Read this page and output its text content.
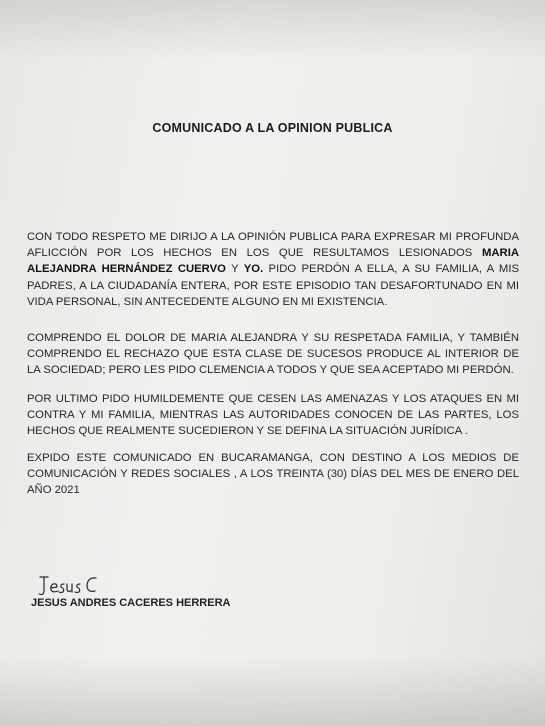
COMUNICADO A LA OPINION PUBLICA

CON TODO RESPETO ME DIRIJO A LA OPINIÓN PUBLICA PARA EXPRESAR MI PROFUNDA AFLICCIÓN POR LOS HECHOS EN LOS QUE RESULTAMOS LESIONADOS MARIA ALEJANDRA HERNÁNDEZ CUERVO Y YO. PIDO PERDÓN A ELLA, A SU FAMILIA, A MIS PADRES, A LA CIUDADANÍA ENTERA, POR ESTE EPISODIO TAN DESAFORTUNADO EN MI VIDA PERSONAL, SIN ANTECEDENTE ALGUNO EN MI EXISTENCIA.

COMPRENDO EL DOLOR DE MARIA ALEJANDRA Y SU RESPETADA FAMILIA, Y TAMBIÉN COMPRENDO EL RECHAZO QUE ESTA CLASE DE SUCESOS PRODUCE AL INTERIOR DE LA SOCIEDAD; PERO LES PIDO CLEMENCIA A TODOS Y QUE SEA ACEPTADO MI PERDÓN.

POR ULTIMO PIDO HUMILDEMENTE QUE CESEN LAS AMENAZAS Y LOS ATAQUES EN MI CONTRA Y MI FAMILIA, MIENTRAS LAS AUTORIDADES CONOCEN DE LAS PARTES, LOS HECHOS QUE REALMENTE SUCEDIERON Y SE DEFINA LA SITUACIÓN JURÍDICA .

EXPIDO ESTE COMUNICADO EN BUCARAMANGA, CON DESTINO A LOS MEDIOS DE COMUNICACIÓN Y REDES SOCIALES , A LOS TREINTA (30) DÍAS DEL MES DE ENERO DEL AÑO 2021

JESUS ANDRES CACERES HERRERA
